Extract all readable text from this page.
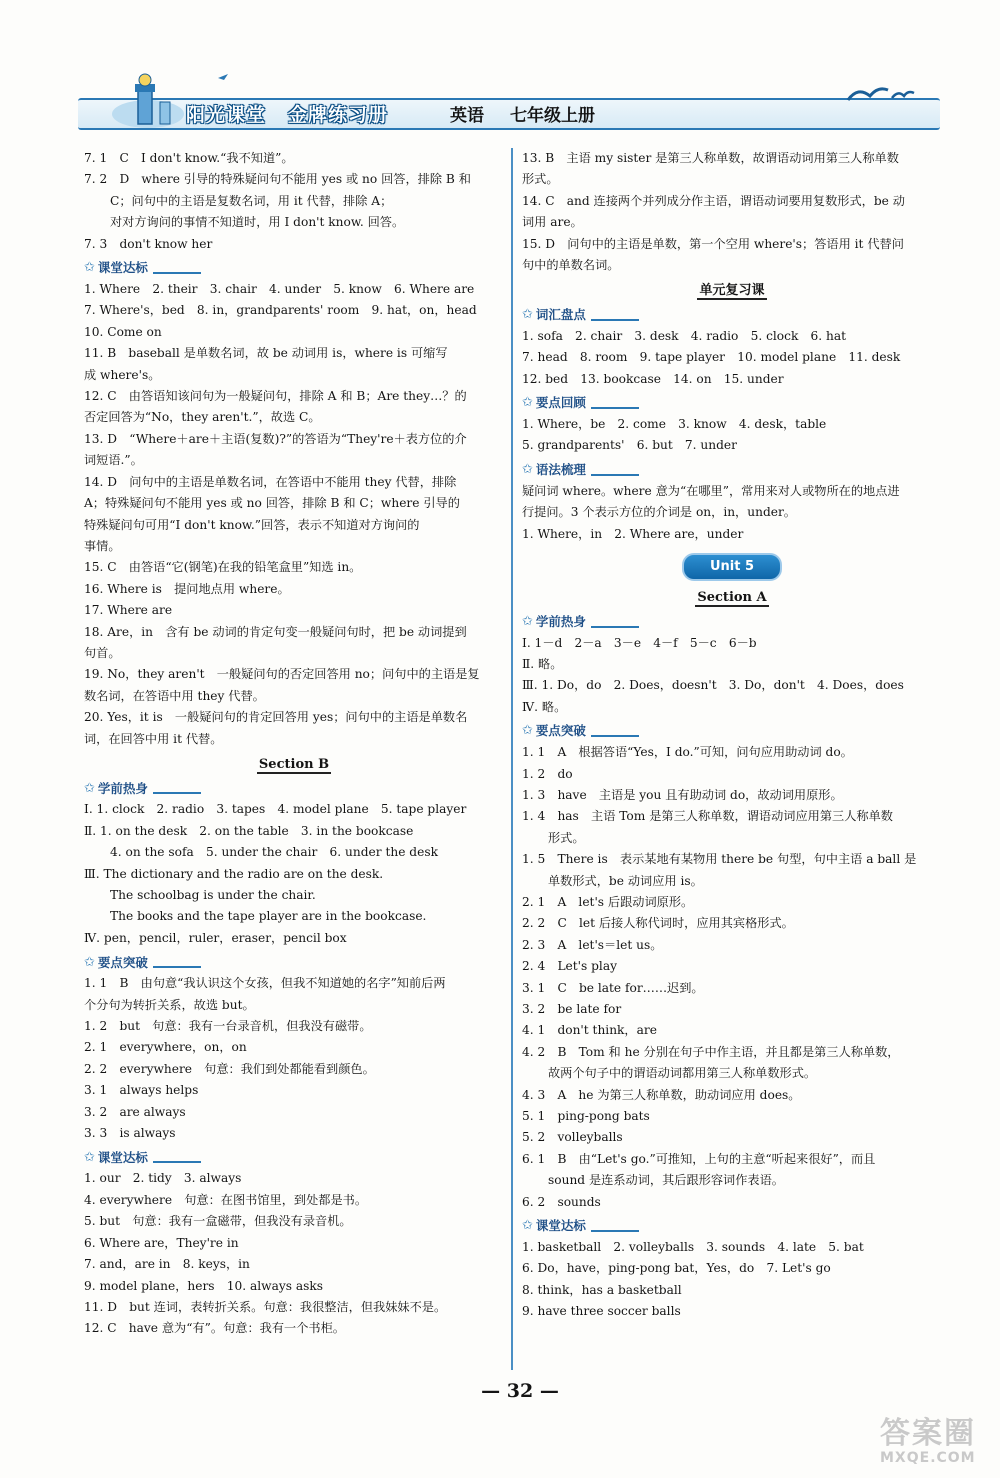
阳光课堂 金牌练习册	英语 七年级上册
7. 1　C　I don't know.“我不知道”。
7. 2　D　where 引导的特殊疑问句不能用 yes 或 no 回答，排除 B 和
C；问句中的主语是复数名词，用 it 代替，排除 A；
对对方询问的事情不知道时，用 I don't know. 回答。
7. 3　don't know her
✩ 课堂达标
1. Where　2. their　3. chair　4. under　5. know　6. Where are
7. Where's，bed　8. in，grandparents' room　9. hat，on，head
10. Come on
11. B　baseball 是单数名词，故 be 动词用 is，where is 可缩写
成 where's。
12. C　由答语知该问句为一般疑问句，排除 A 和 B；Are they…？的
否定回答为“No，they aren't.”，故选 C。
13. D　“Where＋are＋主语(复数)?”的答语为“They're＋表方位的介
词短语.”。
14. D　问句中的主语是单数名词，在答语中不能用 they 代替，排除
A；特殊疑问句不能用 yes 或 no 回答，排除 B 和 C；where 引导的
特殊疑问句可用“I don't know.”回答，表示不知道对方询问的
事情。
15. C　由答语“它(钢笔)在我的铅笔盒里”知选 in。
16. Where is　提问地点用 where。
17. Where are
18. Are，in　含有 be 动词的肯定句变一般疑问句时，把 be 动词提到
句首。
19. No，they aren't　一般疑问句的否定回答用 no；问句中的主语是复
数名词，在答语中用 they 代替。
20. Yes，it is　一般疑问句的肯定回答用 yes；问句中的主语是单数名
词，在回答中用 it 代替。
Section B
✩ 学前热身
Ⅰ. 1. clock　2. radio　3. tapes　4. model plane　5. tape player
Ⅱ. 1. on the desk　2. on the table　3. in the bookcase
4. on the sofa　5. under the chair　6. under the desk
Ⅲ. The dictionary and the radio are on the desk.
The schoolbag is under the chair.
The books and the tape player are in the bookcase.
Ⅳ. pen，pencil，ruler，eraser，pencil box
✩ 要点突破
1. 1　B　由句意“我认识这个女孩，但我不知道她的名字”知前后两
个分句为转折关系，故选 but。
1. 2　but　句意：我有一台录音机，但我没有磁带。
2. 1　everywhere，on，on
2. 2　everywhere　句意：我们到处都能看到颜色。
3. 1　always helps
3. 2　are always
3. 3　is always
✩ 课堂达标
1. our　2. tidy　3. always
4. everywhere　句意：在图书馆里，到处都是书。
5. but　句意：我有一盒磁带，但我没有录音机。
6. Where are，They're in
7. and，are in　8. keys，in
9. model plane，hers　10. always asks
11. D　but 连词，表转折关系。句意：我很整洁，但我妹妹不是。
12. C　have 意为“有”。句意：我有一个书柜。
13. B　主语 my sister 是第三人称单数，故谓语动词用第三人称单数
形式。
14. C　and 连接两个并列成分作主语，谓语动词要用复数形式，be 动
词用 are。
15. D　问句中的主语是单数，第一个空用 where's；答语用 it 代替问
句中的单数名词。
单元复习课
✩ 词汇盘点
1. sofa　2. chair　3. desk　4. radio　5. clock　6. hat
7. head　8. room　9. tape player　10. model plane　11. desk
12. bed　13. bookcase　14. on　15. under
✩ 要点回顾
1. Where，be　2. come　3. know　4. desk，table
5. grandparents'　6. but　7. under
✩ 语法梳理
疑问词 where。where 意为“在哪里”，常用来对人或物所在的地点进
行提问。3 个表示方位的介词是 on，in，under。
1. Where，in　2. Where are，under
Unit 5
Section A
✩ 学前热身
Ⅰ. 1－d　2－a　3－e　4－f　5－c　6－b
Ⅱ. 略。
Ⅲ. 1. Do，do　2. Does，doesn't　3. Do，don't　4. Does，does
Ⅳ. 略。
✩ 要点突破
1. 1　A　根据答语“Yes，I do.”可知，问句应用助动词 do。
1. 2　do
1. 3　have　主语是 you 且有助动词 do，故动词用原形。
1. 4　has　主语 Tom 是第三人称单数，谓语动词应用第三人称单数
形式。
1. 5　There is　表示某地有某物用 there be 句型，句中主语 a ball 是
单数形式，be 动词应用 is。
2. 1　A　let's 后跟动词原形。
2. 2　C　let 后接人称代词时，应用其宾格形式。
2. 3　A　let's＝let us。
2. 4　Let's play
3. 1　C　be late for……迟到。
3. 2　be late for
4. 1　don't think，are
4. 2　B　Tom 和 he 分别在句子中作主语，并且都是第三人称单数，
故两个句子中的谓语动词都用第三人称单数形式。
4. 3　A　he 为第三人称单数，助动词应用 does。
5. 1　ping-pong bats
5. 2　volleyballs
6. 1　B　由“Let's go.”可推知，上句的主意“听起来很好”，而且
sound 是连系动词，其后跟形容词作表语。
6. 2　sounds
✩ 课堂达标
1. basketball　2. volleyballs　3. sounds　4. late　5. bat
6. Do，have，ping-pong bat，Yes，do　7. Let's go
8. think，has a basketball
9. have three soccer balls
— 32 —
答案圈
MXQE.COM
